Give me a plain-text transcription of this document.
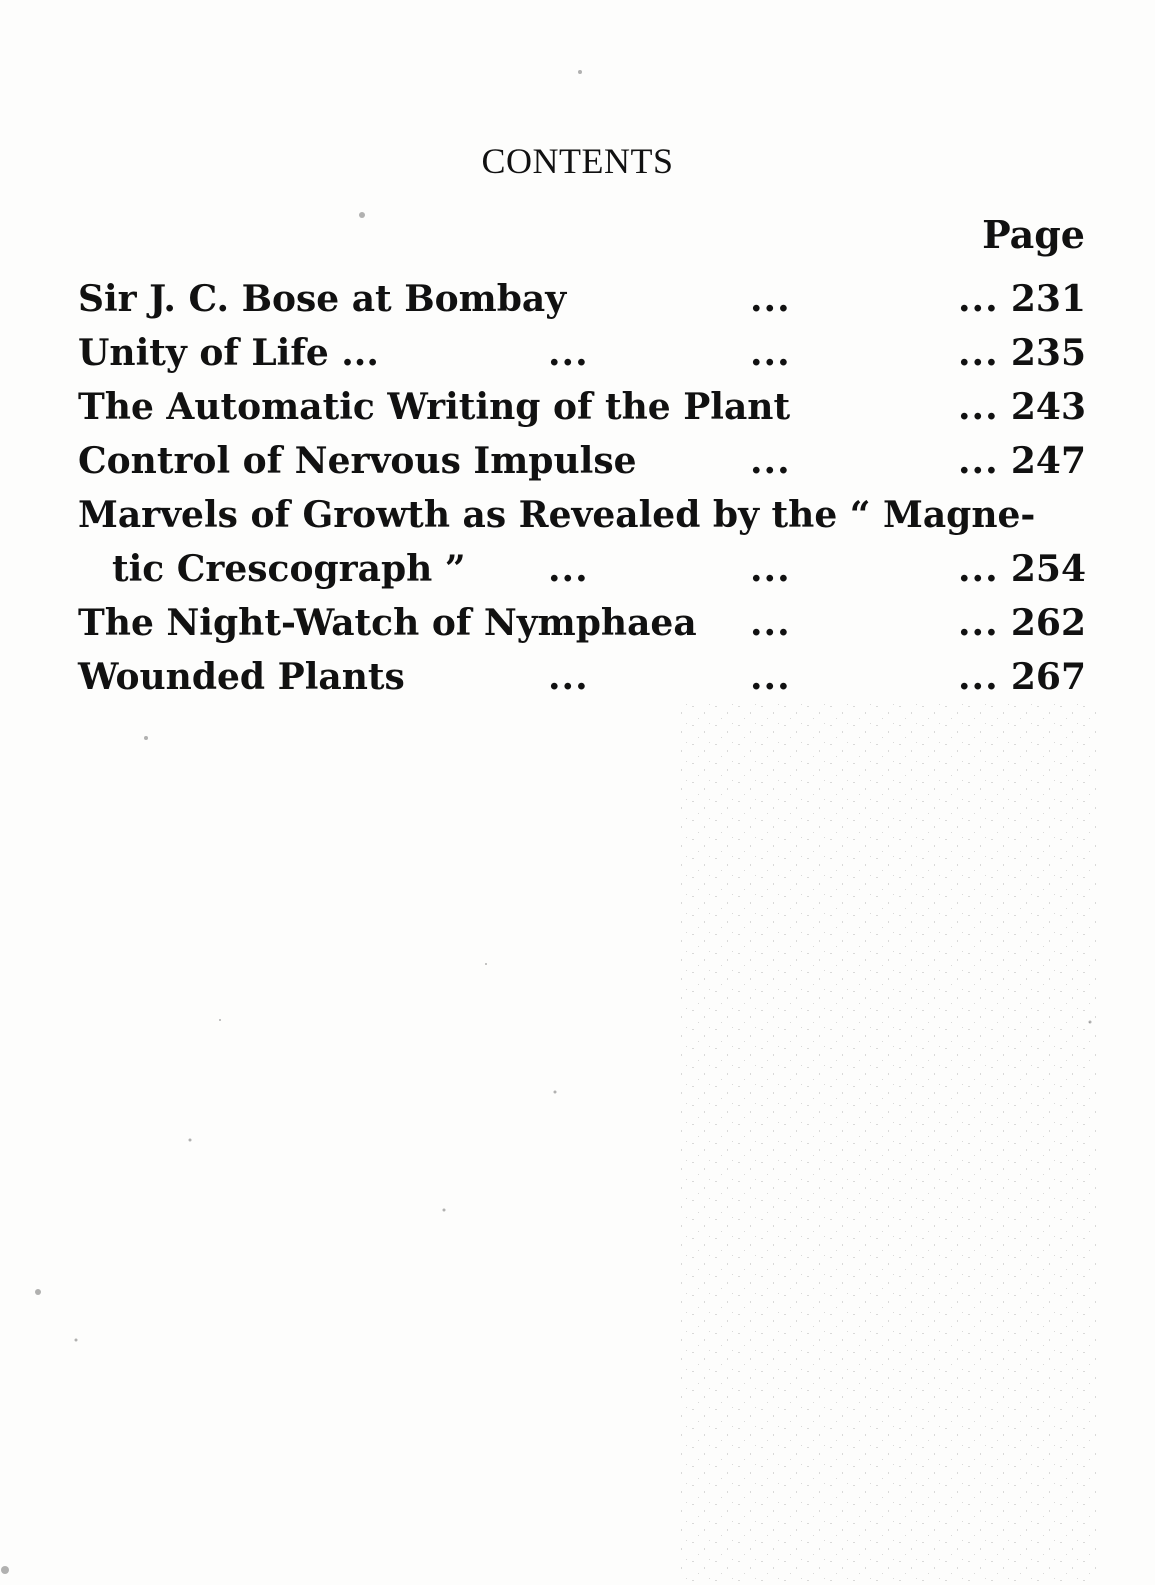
CONTENTS
Page
Sir J. C. Bose at Bombay	...	... 231
Unity of Life ...	...	...	... 235
The Automatic Writing of the Plant	... 243
Control of Nervous Impulse	...	... 247
Marvels of Growth as Revealed by the “ Magne-
tic Crescograph ” ...	...	... 254
The Night-Watch of Nymphaea ...	... 262
Wounded Plants	...	...	... 267
